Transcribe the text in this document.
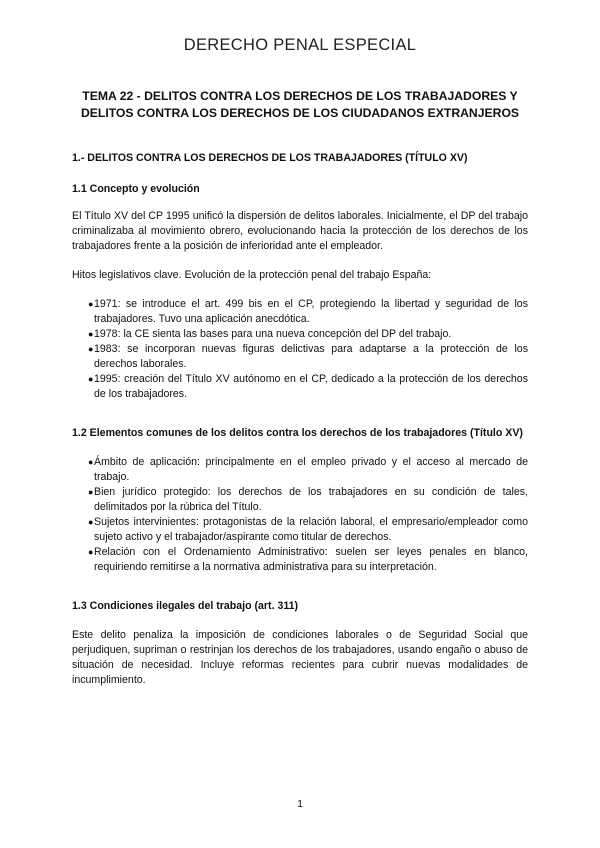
DERECHO PENAL ESPECIAL
TEMA 22 - DELITOS CONTRA LOS DERECHOS DE LOS TRABAJADORES Y
DELITOS CONTRA LOS DERECHOS DE LOS CIUDADANOS EXTRANJEROS
1.- DELITOS CONTRA LOS DERECHOS DE LOS TRABAJADORES (TÍTULO XV)
1.1 Concepto y evolución

El Título XV del CP 1995 unificó la dispersión de delitos laborales. Inicialmente, el DP del trabajo criminalizaba al movimiento obrero, evolucionando hacia la protección de los derechos de los trabajadores frente a la posición de inferioridad ante el empleador.

Hitos legislativos clave. Evolución de la protección penal del trabajo España:

● 1971: se introduce el art. 499 bis en el CP, protegiendo la libertad y seguridad de los trabajadores. Tuvo una aplicación anecdótica.
● 1978: la CE sienta las bases para una nueva concepción del DP del trabajo.
● 1983: se incorporan nuevas figuras delictivas para adaptarse a la protección de los derechos laborales.
● 1995: creación del Título XV autónomo en el CP, dedicado a la protección de los derechos de los trabajadores.
1.2 Elementos comunes de los delitos contra los derechos de los trabajadores (Título XV)
● Ámbito de aplicación: principalmente en el empleo privado y el acceso al mercado de trabajo.
● Bien jurídico protegido: los derechos de los trabajadores en su condición de tales, delimitados por la rúbrica del Título.
● Sujetos intervinientes: protagonistas de la relación laboral, el empresario/empleador como sujeto activo y el trabajador/aspirante como titular de derechos.
● Relación con el Ordenamiento Administrativo: suelen ser leyes penales en blanco, requiriendo remitirse a la normativa administrativa para su interpretación.
1.3 Condiciones ilegales del trabajo (art. 311)

Este delito penaliza la imposición de condiciones laborales o de Seguridad Social que perjudiquen, supriman o restrinjan los derechos de los trabajadores, usando engaño o abuso de situación de necesidad. Incluye reformas recientes para cubrir nuevas modalidades de incumplimiento.

1
